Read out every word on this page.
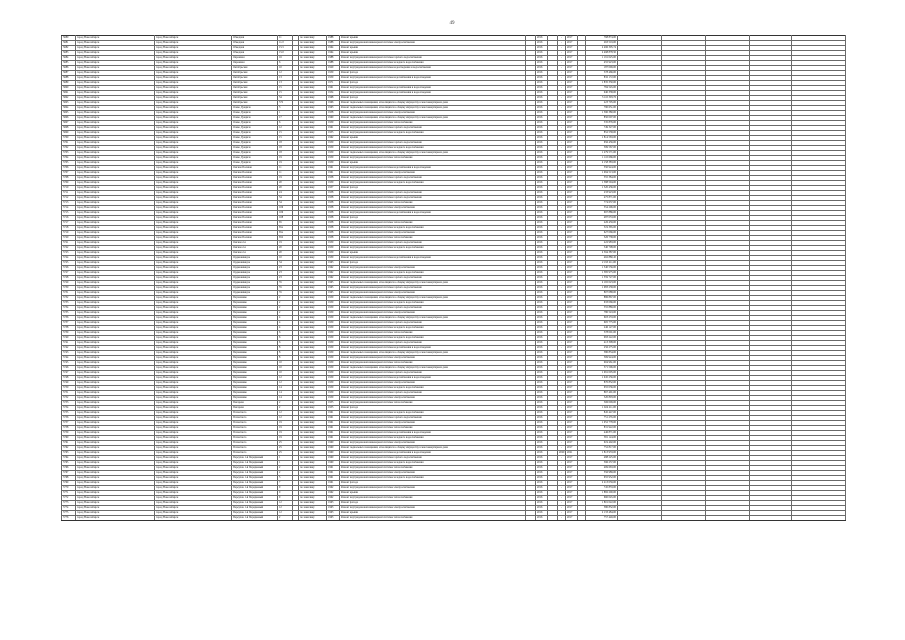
49
3680	город Новосибирск	город Новосибирск	Обводная	11		по заказчику	1988	Ремонт крыши		2016		-	2017		768 874,00					
3681	город Новосибирск	город Новосибирск	Обводная	11/2		по заказчику	1988	Ремонт внутридомовой инженерной системы электроснабжения		2016		-	2017		263 519,00					
3682	город Новосибирск	город Новосибирск	Обводная	15/1		по заказчику	1964	Ремонт крыши		2016		-	2017		2 496 305,74					
3683	город Новосибирск	город Новосибирск	Обводная	15/2		по заказчику	1964	Ремонт крыши		2016		-	2017		2 498 878,50					
3684	город Новосибирск	город Новосибирск	Овражная	16		по заказчику	1988	Ремонт внутридомовой инженерной системы горячего водоснабжения		2016		-	2017		1 191 025,00					
3685	город Новосибирск	город Новосибирск	Овражная	6		по заказчику	1988	Ремонт внутридомовой инженерной системы холодного водоснабжения		2016		-	2017		455 923,00					
3686	город Новосибирск	город Новосибирск	Октябрьская	10		по заказчику	1929	Ремонт внутридомовой инженерной системы водоотведения и водоснабжения		2016		-	2017		187 099,00					
3687	город Новосибирск	город Новосибирск	Октябрьская	12		по заказчику	1959	Ремонт фасада		2016		-	2017		578 466,00					
3688	город Новосибирск	город Новосибирск	Октябрьская	13		по заказчику	1959	Ремонт внутридомовой инженерной системы водоснабжения и водоотведения		2016		-	2017		832 172,00					
3689	город Новосибирск	город Новосибирск	Октябрьская	13		по заказчику	1971	Ремонт фасада		2016		-	2017		1 835 330,00					
3690	город Новосибирск	город Новосибирск	Октябрьская	15		по заказчику	1961	Ремонт внутридомовой инженерной системы водоснабжения и водоотведения		2016		-	2017		784 545,00					
3691	город Новосибирск	город Новосибирск	Октябрьская	15		по заказчику	1954	Ремонт внутридомовой инженерной системы водоснабжения и водоотведения		2016		-	2017		940 338,00					
3692	город Новосибирск	город Новосибирск	Октябрьская	34		по заказчику	1968	Ремонт фасада		2016		-	2017		3 110 393,76					
3693	город Новосибирск	город Новосибирск	Октябрьская	57б		по заказчику	1966	Ремонт подвальных помещений, относящихся к общему имуществу в многоквартирном доме		2016		-	2017		223 705,00					
3694	город Новосибирск	город Новосибирск	Олеко Дундича	3		по заказчику	1963	Ремонт подвальных помещений, относящихся к общему имуществу в многоквартирном доме		2016		-	2017		790 651,00					
3695	город Новосибирск	город Новосибирск	Олеко Дундича	1		по заказчику	1958	Ремонт внутридомовой инженерной системы электроснабжения		2016		-	2017		1 390 380,00					
3696	город Новосибирск	город Новосибирск	Олеко Дундича	17		по заказчику	1960	Ремонт подвальных помещений, относящихся к общему имуществу в многоквартирном доме		2016		-	2017		850 007,00					
3697	город Новосибирск	город Новосибирск	Олеко Дундича	6		по заказчику	1959	Ремонт внутридомовой инженерной системы теплоснабжения		2016		-	2017		535 876,00					
3698	город Новосибирск	город Новосибирск	Олеко Дундича	12		по заказчику	1961	Ремонт внутридомовой инженерной системы горячего водоснабжения		2016		-	2017		749 327,00					
3699	город Новосибирск	город Новосибирск	Олеко Дундича	15		по заказчику	1955	Ремонт внутридомовой инженерной системы холодного водоснабжения		2016		-	2017		852 558,00					
3700	город Новосибирск	город Новосибирск	Олеко Дундича	15		по заказчику	1962	Ремонт крыши		2016		-	2017		1 814 563,00					
3701	город Новосибирск	город Новосибирск	Олеко Дундича	18		по заказчику	1959	Ремонт внутридомовой инженерной системы горячего водоснабжения		2016		-	2017		656 456,00					
3702	город Новосибирск	город Новосибирск	Олеко Дундича	18		по заказчику	1959	Ремонт внутридомовой инженерной системы холодного водоснабжения		2016		-	2017		399 567,00					
3703	город Новосибирск	город Новосибирск	Олеко Дундича	18		по заказчику	1959	Ремонт подвальных помещений, относящихся к общему имуществу в многоквартирном доме		2016		-	2017		1 279 571,00					
3704	город Новосибирск	город Новосибирск	Олеко Дундича	19		по заказчику	1959	Ремонт внутридомовой инженерной системы теплоснабжения		2016		-	2017		1 110 666,00					
3705	город Новосибирск	город Новосибирск	Олеко Дундича	19		по заказчику	1959	Ремонт крыши		2016		-	2017		2 158 383,00					
3706	город Новосибирск	город Новосибирск	Омская Полевая	11		по заказчику	1961	Ремонт внутридомовой инженерной системы водоснабжения и водоотведения		2016		-	2017		350 924,00					
3707	город Новосибирск	город Новосибирск	Омская Полевая	11		по заказчику	1961	Ремонт внутридомовой инженерной системы электроснабжения		2016		-	2017		1 094 513,00					
3708	город Новосибирск	город Новосибирск	Омская Полевая	19		по заказчику	1958	Ремонт внутридомовой инженерной системы горячего водоснабжения		2016		-	2017		355 384,00					
3709	город Новосибирск	город Новосибирск	Омская Полевая	20		по заказчику	1959	Ремонт внутридомовой инженерной системы холодного водоснабжения		2016		-	2017		1 388 594,00					
3710	город Новосибирск	город Новосибирск	Омская Полевая	20		по заказчику	1957	Ремонт фасада		2016		-	2017		1 520 436,00					
3711	город Новосибирск	город Новосибирск	Омская Полевая	24		по заказчику	1958	Ремонт внутридомовой инженерной системы горячего водоснабжения		2016		-	2017		233 923,00					
3712	город Новосибирск	город Новосибирск	Омская Полевая	34		по заказчику	1958	Ремонт внутридомовой инженерной системы горячего водоснабжения		2016		-	2017		475 871,00					
3713	город Новосибирск	город Новосибирск	Омская Полевая	34		по заказчику	1958	Ремонт внутридомовой инженерной системы теплоснабжения		2016		-	2017		774 637,00					
3714	город Новосибирск	город Новосибирск	Омская Полевая	106		по заказчику	1958	Ремонт внутридомовой инженерной системы электроснабжения		2016		-	2017		354 296,00					
3715	город Новосибирск	город Новосибирск	Омская Полевая	106		по заказчику	1958	Ремонт внутридомовой инженерной системы водоснабжения и водоотведения		2016		-	2017		697 886,00					
3716	город Новосибирск	город Новосибирск	Омская Полевая	108		по заказчику	1958	Ремонт фасада		2016		-	2017		487 053,00					
3717	город Новосибирск	город Новосибирск	Омская Полевая	65		по заказчику	1958	Ремонт внутридомовой инженерной системы теплоснабжения		2016		-	2017		226 459,00					
3718	город Новосибирск	город Новосибирск	Омская Полевая	65а		по заказчику	1958	Ремонт внутридомовой инженерной системы холодного водоснабжения		2016		-	2017		519 365,00					
3719	город Новосибирск	город Новосибирск	Омская Полевая	65а		по заказчику	1958	Ремонт внутридомовой инженерной системы электроснабжения		2016		-	2017		627 066,00					
3720	город Новосибирск	город Новосибирск	Омская Полевая	65б		по заказчику	1958	Ремонт внутридомовой инженерной системы теплоснабжения		2016		-	2017		326 738,00					
3721	город Новосибирск	город Новосибирск	Омская 2-я	19		по заказчику	1959	Ремонт внутридомовой инженерной системы горячего водоснабжения		2016		-	2017		222 983,00					
3722	город Новосибирск	город Новосибирск	Омская 2-я	20		по заказчику	1959	Ремонт внутридомовой инженерной системы холодного водоснабжения		2016		-	2017		540 708,00					
3723	город Новосибирск	город Новосибирск	Омская 2-я	20		по заказчику	1959	Ремонт крыши		2016		-	2017		2 594 387,00					
3724	город Новосибирск	город Новосибирск	Орджоникидзе	10		по заказчику	1939	Ремонт внутридомовой инженерной системы водоснабжения и водоотведения		2016		-	2017		462 880,45					
3725	город Новосибирск	город Новосибирск	Орджоникидзе	34		по заказчику	1963	Ремонт фасада		2016		-	2017		2 195 211,00					
3726	город Новосибирск	город Новосибирск	Орджоникидзе	23		по заказчику	1962	Ремонт внутридомовой инженерной системы электроснабжения		2016		-	2017		1 340 556,00					
3727	город Новосибирск	город Новосибирск	Орджоникидзе	23		по заказчику	1962	Ремонт внутридомовой инженерной системы холодного водоснабжения		2016		-	2017		1 385 975,00					
3728	город Новосибирск	город Новосибирск	Орджоникидзе	23		по заказчику	1962	Ремонт внутридомовой инженерной системы горячего водоснабжения		2016		-	2017		1 359 727,00					
3729	город Новосибирск	город Новосибирск	Орджоникидзе	35		по заказчику	1965	Ремонт подвальных помещений, относящихся к общему имуществу в многоквартирном доме		2016		-	2017		2 165 023,00					
3730	город Новосибирск	город Новосибирск	Орджоникидзе	35		по заказчику	1965	Ремонт внутридомовой инженерной системы горячего водоснабжения		2016		-	2017		1 083 258,00					
3731	город Новосибирск	город Новосибирск	Орджоникидзе	35		по заказчику	1965	Ремонт внутридомовой инженерной системы электроснабжения		2016		-	2017		807 088,00					
3732	город Новосибирск	город Новосибирск	Пархоменко	2		по заказчику	1959	Ремонт подвальных помещений, относящихся к общему имуществу в многоквартирном доме		2016		-	2017		886 867,00					
3733	город Новосибирск	город Новосибирск	Пархоменко	2		по заказчику	1959	Ремонт внутридомовой инженерной системы холодного водоснабжения		2016		-	2017		633 066,00					
3734	город Новосибирск	город Новосибирск	Пархоменко	2		по заказчику	1959	Ремонт внутридомовой инженерной системы горячего водоснабжения		2016		-	2017		555 889,00					
3735	город Новосибирск	город Новосибирск	Пархоменко	2		по заказчику	1959	Ремонт внутридомовой инженерной системы электроснабжения		2016		-	2017		780 543,00					
3736	город Новосибирск	город Новосибирск	Пархоменко	4		по заказчику	1959	Ремонт подвальных помещений, относящихся к общему имуществу в многоквартирном доме		2016		-	2017		603 233,00					
3737	город Новосибирск	город Новосибирск	Пархоменко	4		по заказчику	1959	Ремонт внутридомовой инженерной системы горячего водоснабжения		2016		-	2017		605 775,00					
3738	город Новосибирск	город Новосибирск	Пархоменко	4		по заказчику	1959	Ремонт внутридомовой инженерной системы холодного водоснабжения		2016		-	2017		246 127,00					
3739	город Новосибирск	город Новосибирск	Пархоменко	6		по заказчику	1959	Ремонт внутридомовой инженерной системы теплоснабжения		2016		-	2017		378 001,00					
3740	город Новосибирск	город Новосибирск	Пархоменко	6		по заказчику	1959	Ремонт внутридомовой инженерной системы холодного водоснабжения		2016		-	2017		993 222,00					
3741	город Новосибирск	город Новосибирск	Пархоменко	6		по заказчику	1959	Ремонт внутридомовой инженерной системы горячего водоснабжения		2016		-	2017		413 308,00					
3742	город Новосибирск	город Новосибирск	Пархоменко	8		по заказчику	1959	Ремонт внутридомовой инженерной системы водоснабжения и водоотведения		2016		-	2017		256 275,00					
3743	город Новосибирск	город Новосибирск	Пархоменко	8		по заказчику	1959	Ремонт подвальных помещений, относящихся к общему имуществу в многоквартирном доме		2016		-	2017		380 834,00					
3744	город Новосибирск	город Новосибирск	Пархоменко	8		по заказчику	1959	Ремонт внутридомовой инженерной системы электроснабжения		2016		-	2017		569 924,00					
3745	город Новосибирск	город Новосибирск	Пархоменко	10		по заказчику	1959	Ремонт внутридомовой инженерной системы теплоснабжения		2016		-	2017		904 961,00					
3746	город Новосибирск	город Новосибирск	Пархоменко	10		по заказчику	1959	Ремонт подвальных помещений, относящихся к общему имуществу в многоквартирном доме		2016		-	2017		371 596,00					
3747	город Новосибирск	город Новосибирск	Пархоменко	10		по заказчику	1959	Ремонт внутридомовой инженерной системы горячего водоснабжения		2016		-	2017		1 091 005,00					
3748	город Новосибирск	город Новосибирск	Пархоменко	12		по заказчику	1959	Ремонт внутридомовой инженерной системы водоснабжения и водоотведения		2016		-	2017		1 045 256,00					
3749	город Новосибирск	город Новосибирск	Пархоменко	12		по заказчику	1959	Ремонт внутридомовой инженерной системы электроснабжения		2016		-	2017		870 832,00					
3750	город Новосибирск	город Новосибирск	Пархоменко	14		по заказчику	1959	Ремонт внутридомовой инженерной системы холодного водоснабжения		2016		-	2017		655 036,00					
3751	город Новосибирск	город Новосибирск	Пархоменко	14		по заказчику	1959	Ремонт внутридомовой инженерной системы горячего водоснабжения		2016		-	2017		867 491,00					
3752	город Новосибирск	город Новосибирск	Пархоменко	14		по заказчику	1959	Ремонт внутридомовой инженерной системы электроснабжения		2016		-	2017		520 803,00					
3753	город Новосибирск	город Новосибирск	Писарева	2		по заказчику	1955	Ремонт внутридомовой инженерной системы теплоснабжения		2016		-	2017		506 009,00					
3754	город Новосибирск	город Новосибирск	Писарева	2		по заказчику	1955	Ремонт фасада		2016		-	2017		1 924 211,00					
3755	город Новосибирск	город Новосибирск	Плахотного	12		по заказчику	1961	Ремонт внутридомовой инженерной системы холодного водоснабжения		2016		-	2017		845 447,00					
3756	город Новосибирск	город Новосибирск	Плахотного	12		по заказчику	1961	Ремонт внутридомовой инженерной системы горячего водоснабжения		2016		-	2017		751 235,00					
3757	город Новосибирск	город Новосибирск	Плахотного	19		по заказчику	1961	Ремонт внутридомовой инженерной системы электроснабжения		2016		-	2017		1 052 778,00					
3758	город Новосибирск	город Новосибирск	Плахотного	19		по заказчику	1961	Ремонт внутридомовой инженерной системы теплоснабжения		2016		-	2017		831 922,00					
3759	город Новосибирск	город Новосибирск	Плахотного	19		по заказчику	1961	Ремонт внутридомовой инженерной системы водоснабжения и водоотведения		2016		-	2017		446 871,00					
3760	город Новосибирск	город Новосибирск	Плахотного	19		по заказчику	1961	Ремонт внутридомовой инженерной системы холодного водоснабжения		2016		-	2017		581 124,00					
3761	город Новосибирск	город Новосибирск	Плахотного	25		по заказчику	1960	Ремонт внутридомовой инженерной системы электроснабжения		2016		-	2017		619 402,00					
3762	город Новосибирск	город Новосибирск	Плахотного	25		по заказчику	1960	Ремонт подвальных помещений, относящихся к общему имуществу в многоквартирном доме		2016		-	2017		752 817,00					
3763	город Новосибирск	город Новосибирск	Плахотного	25		по заказчику	1960	Ремонт внутридомовой инженерной системы водоснабжения и водоотведения		2016		2020	2021		1 813 933,00					
3764	город Новосибирск	город Новосибирск	Переулок 1-й Порядковый	1		по заказчику	1960	Ремонт внутридомовой инженерной системы горячего водоснабжения		2016		-	2017		488 225,00					
3765	город Новосибирск	город Новосибирск	Переулок 1-й Порядковый	1		по заказчику	1960	Ремонт внутридомовой инженерной системы холодного водоснабжения		2016		-	2017		396 257,00					
3766	город Новосибирск	город Новосибирск	Переулок 1-й Порядковый	2		по заказчику	1961	Ремонт внутридомовой инженерной системы теплоснабжения		2016		-	2017		469 663,00					
3767	город Новосибирск	город Новосибирск	Переулок 1-й Порядковый	2		по заказчику	1961	Ремонт внутридомовой инженерной системы электроснабжения		2016		-	2017		356 989,00					
3768	город Новосибирск	город Новосибирск	Переулок 1-й Порядковый	5		по заказчику	1961	Ремонт внутридомовой инженерной системы холодного водоснабжения		2016		-	2017		655 952,00					
3769	город Новосибирск	город Новосибирск	Переулок 1-й Порядковый	7		по заказчику	1961	Ремонт фасада		2016		-	2017		2 213 059,00					
3770	город Новосибирск	город Новосибирск	Переулок 1-й Порядковый	9		по заказчику	1962	Ремонт внутридомовой инженерной системы электроснабжения		2016		-	2017		745 833,00					
3771	город Новосибирск	город Новосибирск	Переулок 1-й Порядковый	9		по заказчику	1962	Ремонт крыши		2016		-	2017		1 882 200,00					
3772	город Новосибирск	город Новосибирск	Переулок 1-й Порядковый	9		по заказчику	1962	Ремонт внутридомовой инженерной системы теплоснабжения		2016		-	2017		660 045,00					
3773	город Новосибирск	город Новосибирск	Переулок 1-й Порядковый	12		по заказчику	1963	Ремонт фасада		2016		-	2017		1 801 022,00					
3774	город Новосибирск	город Новосибирск	Переулок 1-й Порядковый	12		по заказчику	1963	Ремонт внутридомовой инженерной системы электроснабжения		2016		-	2017		380 832,00					
3775	город Новосибирск	город Новосибирск	Переулок 1-й Порядковый	12		по заказчику	1963	Ремонт крыши		2016		-	2017		2 133 484,00					
3776	город Новосибирск	город Новосибирск	Переулок 1-й Порядковый	2		по заказчику	1963	Ремонт внутридомовой инженерной системы теплоснабжения		2016		-	2017		757 449,00					
